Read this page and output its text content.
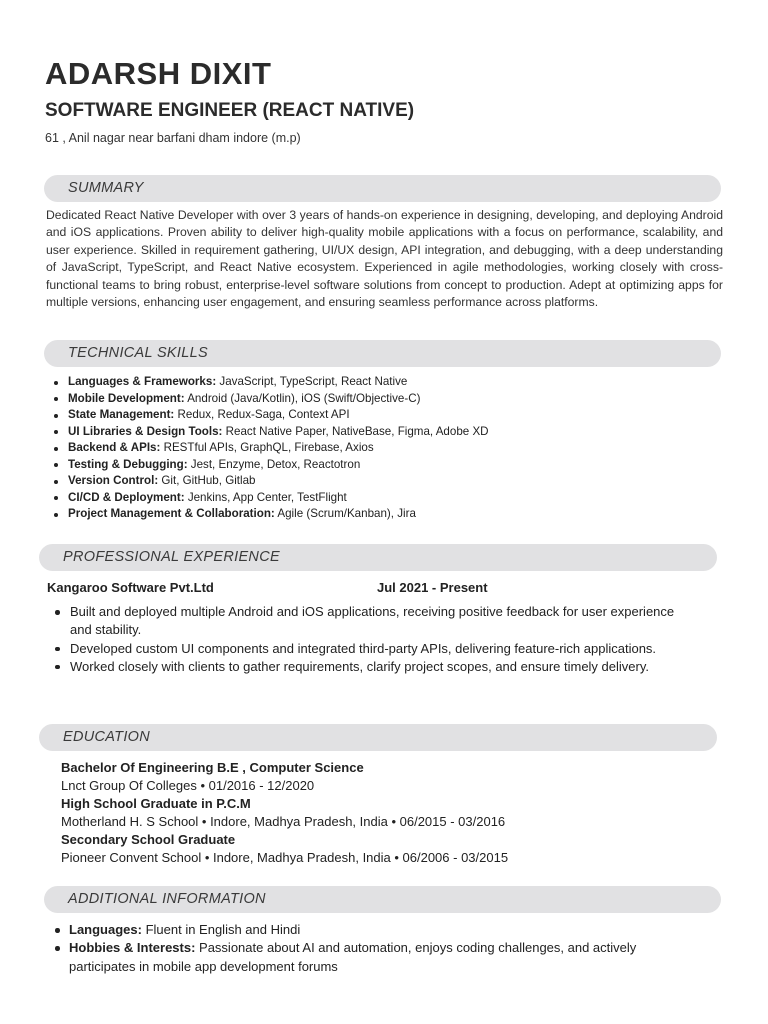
ADARSH DIXIT
SOFTWARE ENGINEER (REACT NATIVE)
61 , Anil nagar near barfani dham indore (m.p)
SUMMARY

Dedicated React Native Developer with over 3 years of hands-on experience in designing, developing, and deploying Android and iOS applications. Proven ability to deliver high-quality mobile applications with a focus on performance, scalability, and user experience. Skilled in requirement gathering, UI/UX design, API integration, and debugging, with a deep understanding of JavaScript, TypeScript, and React Native ecosystem. Experienced in agile methodologies, working closely with cross-functional teams to bring robust, enterprise-level software solutions from concept to production. Adept at optimizing apps for multiple versions, enhancing user engagement, and ensuring seamless performance across platforms.

TECHNICAL SKILLS
Languages & Frameworks: JavaScript, TypeScript, React Native
Mobile Development: Android (Java/Kotlin), iOS (Swift/Objective-C)
State Management: Redux, Redux-Saga, Context API
UI Libraries & Design Tools: React Native Paper, NativeBase, Figma, Adobe XD
Backend & APIs: RESTful APIs, GraphQL, Firebase, Axios
Testing & Debugging: Jest, Enzyme, Detox, Reactotron
Version Control: Git, GitHub, Gitlab
CI/CD & Deployment: Jenkins, App Center, TestFlight
Project Management & Collaboration: Agile (Scrum/Kanban), Jira
PROFESSIONAL EXPERIENCE
Kangaroo Software Pvt.Ltd	Jul 2021 - Present
Built and deployed multiple Android and iOS applications, receiving positive feedback for user experience and stability.
Developed custom UI components and integrated third-party APIs, delivering feature-rich applications.
Worked closely with clients to gather requirements, clarify project scopes, and ensure timely delivery.
EDUCATION
Bachelor Of Engineering B.E , Computer Science
Lnct Group Of Colleges • 01/2016 - 12/2020
High School Graduate in P.C.M
Motherland H. S School • Indore, Madhya Pradesh, India • 06/2015 - 03/2016
Secondary School Graduate
Pioneer Convent School • Indore, Madhya Pradesh, India • 06/2006 - 03/2015
ADDITIONAL INFORMATION
Languages: Fluent in English and Hindi
Hobbies & Interests: Passionate about AI and automation, enjoys coding challenges, and actively participates in mobile app development forums
